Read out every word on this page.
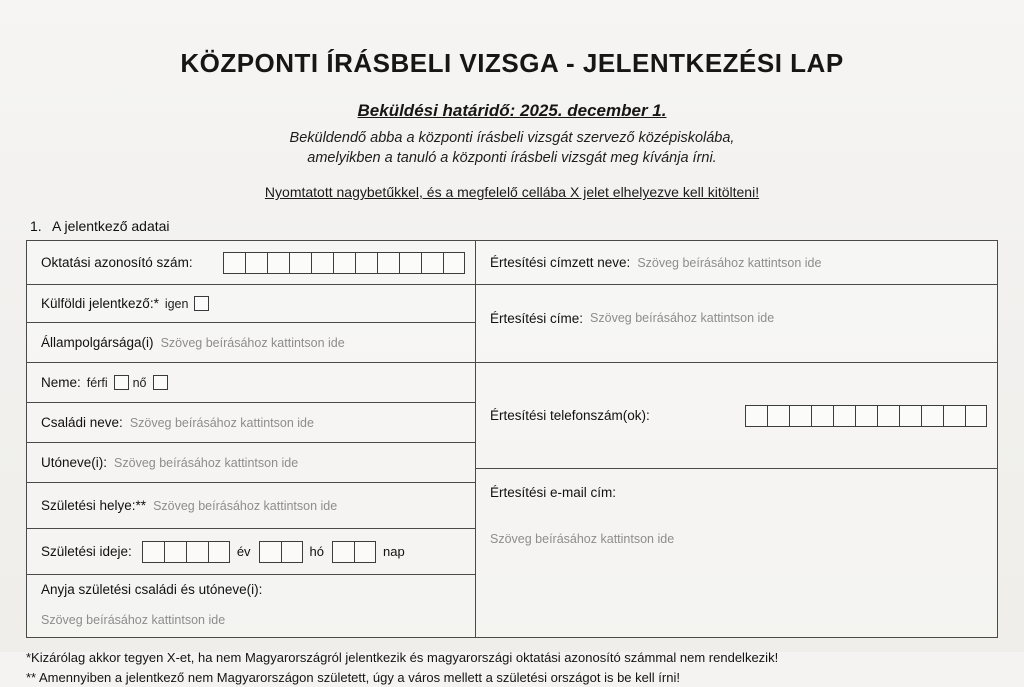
KÖZPONTI ÍRÁSBELI VIZSGA - JELENTKEZÉSI LAP
Beküldési határidő: 2025. december 1.
Beküldendő abba a központi írásbeli vizsgát szervező középiskolába,
amelyikben a tanuló a központi írásbeli vizsgát meg kívánja írni.
Nyomtatott nagybetűkkel, és a megfelelő cellába X jelet elhelyezve kell kitölteni!
1. A jelentkező adatai
Oktatási azonosító szám:
Külföldi jelentkező:* igen
Állampolgársága(i) Szöveg beírásához kattintson ide
Neme: férfi nő
Családi neve: Szöveg beírásához kattintson ide
Utóneve(i): Szöveg beírásához kattintson ide
Születési helye:** Szöveg beírásához kattintson ide
Születési ideje:	év	hó	nap
Anyja születési családi és utóneve(i):
Szöveg beírásához kattintson ide
Értesítési címzett neve: Szöveg beírásához kattintson ide
Értesítési címe: Szöveg beírásához kattintson ide
Értesítési telefonszám(ok):
Értesítési e-mail cím:
Szöveg beírásához kattintson ide
*Kizárólag akkor tegyen X-et, ha nem Magyarországról jelentkezik és magyarországi oktatási azonosító számmal nem rendelkezik!
** Amennyiben a jelentkező nem Magyarországon született, úgy a város mellett a születési országot is be kell írni!
